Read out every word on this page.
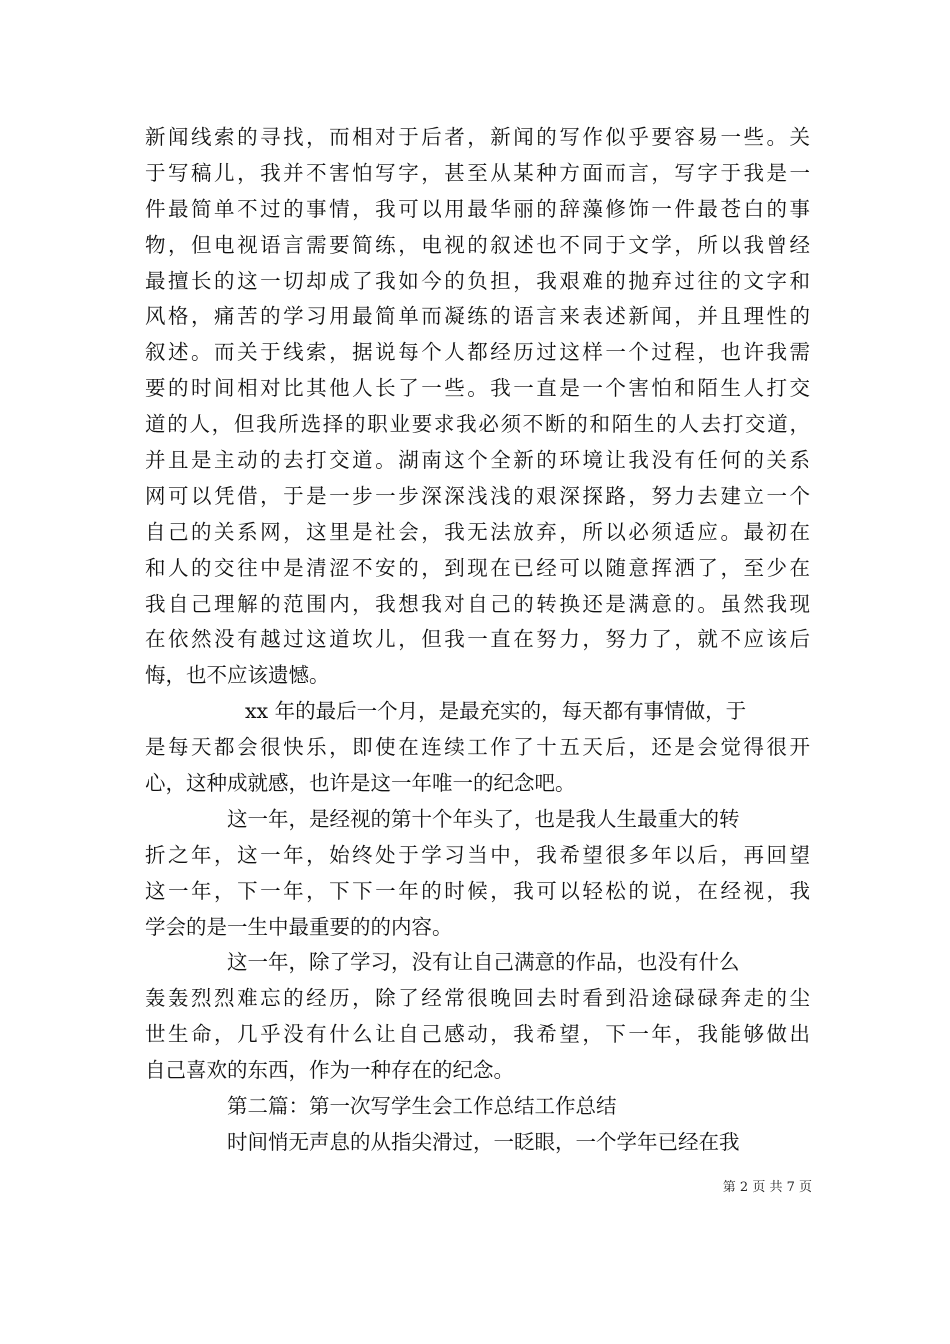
新闻线索的寻找，而相对于后者，新闻的写作似乎要容易一些。关
于写稿儿，我并不害怕写字，甚至从某种方面而言，写字于我是一
件最简单不过的事情，我可以用最华丽的辞藻修饰一件最苍白的事
物，但电视语言需要简练，电视的叙述也不同于文学，所以我曾经
最擅长的这一切却成了我如今的负担，我艰难的抛弃过往的文字和
风格，痛苦的学习用最简单而凝练的语言来表述新闻，并且理性的
叙述。而关于线索，据说每个人都经历过这样一个过程，也许我需
要的时间相对比其他人长了一些。我一直是一个害怕和陌生人打交
道的人，但我所选择的职业要求我必须不断的和陌生的人去打交道，
并且是主动的去打交道。湖南这个全新的环境让我没有任何的关系
网可以凭借，于是一步一步深深浅浅的艰深探路，努力去建立一个
自己的关系网，这里是社会，我无法放弃，所以必须适应。最初在
和人的交往中是清涩不安的，到现在已经可以随意挥洒了，至少在
我自己理解的范围内，我想我对自己的转换还是满意的。虽然我现
在依然没有越过这道坎儿，但我一直在努力，努力了，就不应该后
悔，也不应该遗憾。
xx 年的最后一个月，是最充实的，每天都有事情做，于
是每天都会很快乐，即使在连续工作了十五天后，还是会觉得很开
心，这种成就感，也许是这一年唯一的纪念吧。
这一年，是经视的第十个年头了，也是我人生最重大的转
折之年，这一年，始终处于学习当中，我希望很多年以后，再回望
这一年，下一年，下下一年的时候，我可以轻松的说，在经视，我
学会的是一生中最重要的的内容。
这一年，除了学习，没有让自己满意的作品，也没有什么
轰轰烈烈难忘的经历，除了经常很晚回去时看到沿途碌碌奔走的尘
世生命，几乎没有什么让自己感动，我希望，下一年，我能够做出
自己喜欢的东西，作为一种存在的纪念。
第二篇：第一次写学生会工作总结工作总结
时间悄无声息的从指尖滑过，一眨眼，一个学年已经在我
第 2 页 共 7 页
